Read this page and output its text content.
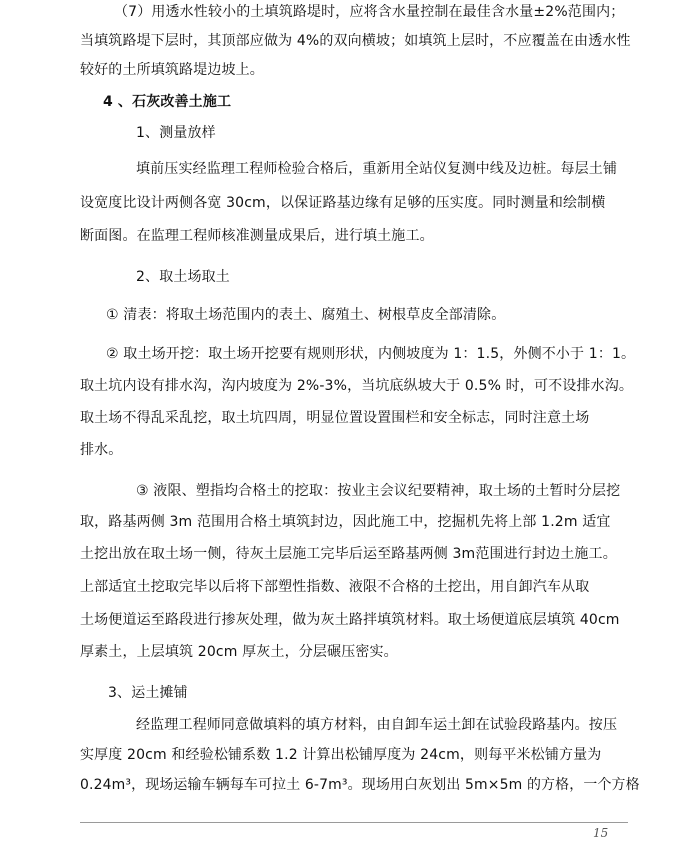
（7）用透水性较小的土填筑路堤时，应将含水量控制在最佳含水量±2%范围内；
当填筑路堤下层时，其顶部应做为 4%的双向横坡；如填筑上层时，不应覆盖在由透水性
较好的土所填筑路堤边坡上。
4 、石灰改善土施工
1、测量放样
填前压实经监理工程师检验合格后，重新用全站仪复测中线及边桩。每层土铺
设宽度比设计两侧各宽 30cm，以保证路基边缘有足够的压实度。同时测量和绘制横
断面图。在监理工程师核准测量成果后，进行填土施工。
2、取土场取土
① 清表：将取土场范围内的表土、腐殖土、树根草皮全部清除。
② 取土场开挖：取土场开挖要有规则形状，内侧坡度为 1：1.5，外侧不小于 1：1。
取土坑内设有排水沟，沟内坡度为 2%-3%，当坑底纵坡大于 0.5% 时，可不设排水沟。
取土场不得乱采乱挖，取土坑四周，明显位置设置围栏和安全标志，同时注意土场
排水。
③ 液限、塑指均合格土的挖取：按业主会议纪要精神，取土场的土暂时分层挖
取，路基两侧 3m 范围用合格土填筑封边，因此施工中，挖掘机先将上部 1.2m 适宜
土挖出放在取土场一侧，待灰土层施工完毕后运至路基两侧 3m范围进行封边土施工。
上部适宜土挖取完毕以后将下部塑性指数、液限不合格的土挖出，用自卸汽车从取
土场便道运至路段进行掺灰处理，做为灰土路拌填筑材料。取土场便道底层填筑 40cm
厚素土，上层填筑 20cm 厚灰土，分层碾压密实。
3、运土摊铺
经监理工程师同意做填料的填方材料，由自卸车运土卸在试验段路基内。按压
实厚度 20cm 和经验松铺系数 1.2 计算出松铺厚度为 24cm，则每平米松铺方量为
0.24m³，现场运输车辆每车可拉土 6-7m³。现场用白灰划出 5m×5m 的方格，一个方格
15
